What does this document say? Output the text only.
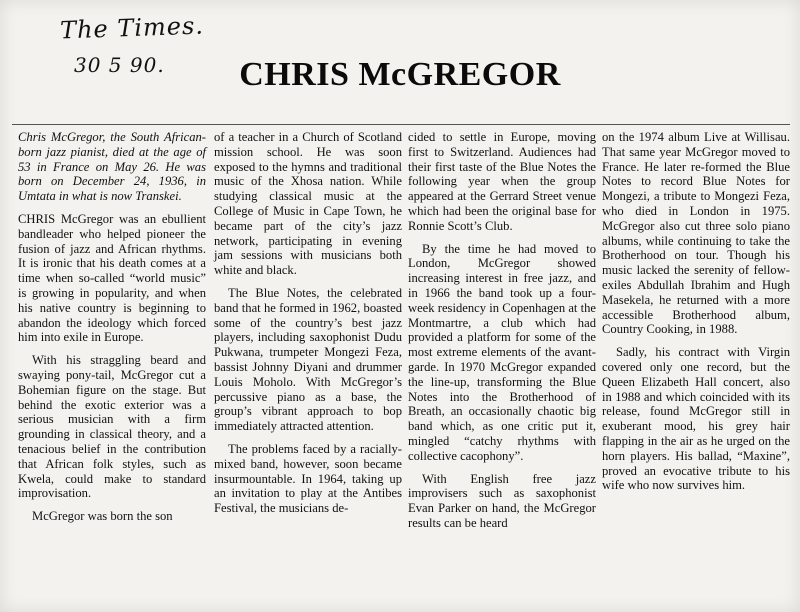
The Times.
30 5 90.	CHRIS McGREGOR

Chris McGregor, the South African-born jazz pianist, died at the age of 53 in France on May 26. He was born on December 24, 1936, in Umtata in what is now Transkei.

CHRIS McGregor was an ebullient bandleader who helped pioneer the fusion of jazz and African rhythms. It is ironic that his death comes at a time when so-called “world music” is growing in popularity, and when his native country is beginning to abandon the ideology which forced him into exile in Europe.

With his straggling beard and swaying pony-tail, McGregor cut a Bohemian figure on the stage. But behind the exotic exterior was a serious musician with a firm grounding in classical theory, and a tenacious belief in the contribution that African folk styles, such as Kwela, could make to standard improvisation.

McGregor was born the son

of a teacher in a Church of Scotland mission school. He was soon exposed to the hymns and traditional music of the Xhosa nation. While studying classical music at the College of Music in Cape Town, he became part of the city’s jazz network, participating in evening jam sessions with musicians both white and black.

The Blue Notes, the celebrated band that he formed in 1962, boasted some of the country’s best jazz players, including saxophonist Dudu Pukwana, trumpeter Mongezi Feza, bassist Johnny Diyani and drummer Louis Moholo. With McGregor’s percussive piano as a base, the group’s vibrant approach to bop immediately attracted attention.

The problems faced by a racially-mixed band, however, soon became insurmountable. In 1964, taking up an invitation to play at the Antibes Festival, the musicians de-

cided to settle in Europe, moving first to Switzerland. Audiences had their first taste of the Blue Notes the following year when the group appeared at the Gerrard Street venue which had been the original base for Ronnie Scott’s Club.

By the time he had moved to London, McGregor showed increasing interest in free jazz, and in 1966 the band took up a four-week residency in Copenhagen at the Montmartre, a club which had provided a platform for some of the most extreme elements of the avant-garde. In 1970 McGregor expanded the line-up, transforming the Blue Notes into the Brotherhood of Breath, an occasionally chaotic big band which, as one critic put it, mingled “catchy rhythms with collective cacophony”.

With English free jazz improvisers such as saxophonist Evan Parker on hand, the McGregor results can be heard

on the 1974 album Live at Willisau. That same year McGregor moved to France. He later re-formed the Blue Notes to record Blue Notes for Mongezi, a tribute to Mongezi Feza, who died in London in 1975. McGregor also cut three solo piano albums, while continuing to take the Brotherhood on tour. Though his music lacked the serenity of fellow-exiles Abdullah Ibrahim and Hugh Masekela, he returned with a more accessible Brotherhood album, Country Cooking, in 1988.

Sadly, his contract with Virgin covered only one record, but the Queen Elizabeth Hall concert, also in 1988 and which coincided with its release, found McGregor still in exuberant mood, his grey hair flapping in the air as he urged on the horn players. His ballad, “Maxine”, proved an evocative tribute to his wife who now survives him.
